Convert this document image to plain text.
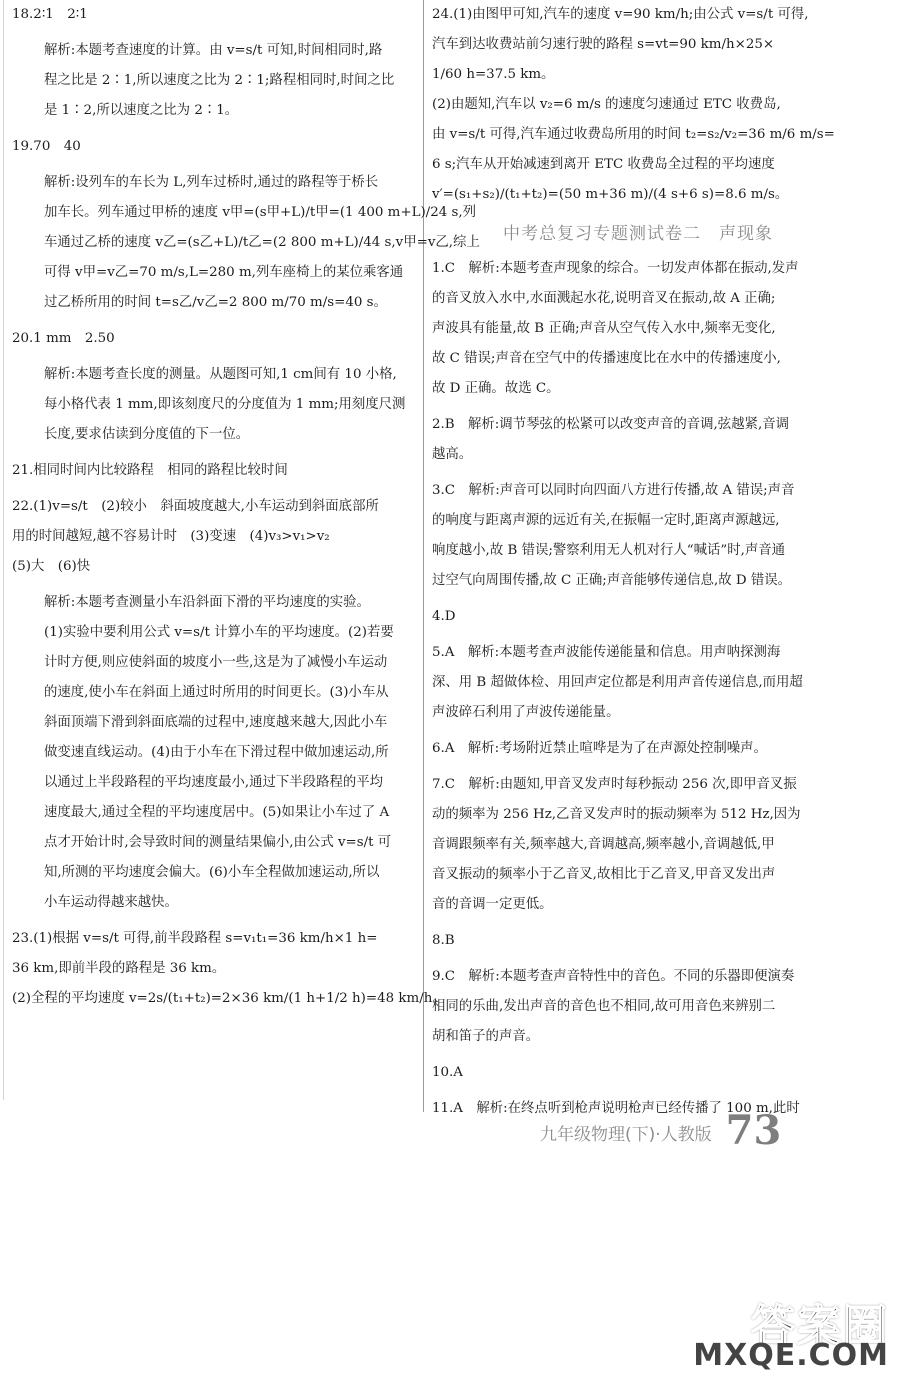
18.2∶1　2∶1
解析:本题考查速度的计算。由 v=s/t 可知,时间相同时,路
程之比是 2∶1,所以速度之比为 2∶1;路程相同时,时间之比
是 1∶2,所以速度之比为 2∶1。
19.70　40
解析:设列车的车长为 L,列车过桥时,通过的路程等于桥长
加车长。列车通过甲桥的速度 v甲=(s甲+L)/t甲=(1 400 m+L)/24 s,列
车通过乙桥的速度 v乙=(s乙+L)/t乙=(2 800 m+L)/44 s,v甲=v乙,综上
可得 v甲=v乙=70 m/s,L=280 m,列车座椅上的某位乘客通
过乙桥所用的时间 t=s乙/v乙=2 800 m/70 m/s=40 s。
20.1 mm　2.50
解析:本题考查长度的测量。从题图可知,1 cm间有 10 小格,
每小格代表 1 mm,即该刻度尺的分度值为 1 mm;用刻度尺测
长度,要求估读到分度值的下一位。
21.相同时间内比较路程　相同的路程比较时间
22.(1)v=s/t　(2)较小　斜面坡度越大,小车运动到斜面底部所
用的时间越短,越不容易计时　(3)变速　(4)v₃>v₁>v₂
(5)大　(6)快
解析:本题考查测量小车沿斜面下滑的平均速度的实验。
(1)实验中要利用公式 v=s/t 计算小车的平均速度。(2)若要
计时方便,则应使斜面的坡度小一些,这是为了减慢小车运动
的速度,使小车在斜面上通过时所用的时间更长。(3)小车从
斜面顶端下滑到斜面底端的过程中,速度越来越大,因此小车
做变速直线运动。(4)由于小车在下滑过程中做加速运动,所
以通过上半段路程的平均速度最小,通过下半段路程的平均
速度最大,通过全程的平均速度居中。(5)如果让小车过了 A
点才开始计时,会导致时间的测量结果偏小,由公式 v=s/t 可
知,所测的平均速度会偏大。(6)小车全程做加速运动,所以
小车运动得越来越快。
23.(1)根据 v=s/t 可得,前半段路程 s=v₁t₁=36 km/h×1 h=
36 km,即前半段的路程是 36 km。
(2)全程的平均速度 v=2s/(t₁+t₂)=2×36 km/(1 h+1/2 h)=48 km/h。
24.(1)由图甲可知,汽车的速度 v=90 km/h;由公式 v=s/t 可得,
汽车到达收费站前匀速行驶的路程 s=vt=90 km/h×25×
1/60 h=37.5 km。
(2)由题知,汽车以 v₂=6 m/s 的速度匀速通过 ETC 收费岛,
由 v=s/t 可得,汽车通过收费岛所用的时间 t₂=s₂/v₂=36 m/6 m/s=
6 s;汽车从开始减速到离开 ETC 收费岛全过程的平均速度
v′=(s₁+s₂)/(t₁+t₂)=(50 m+36 m)/(4 s+6 s)=8.6 m/s。
中考总复习专题测试卷二　声现象
1.C　解析:本题考查声现象的综合。一切发声体都在振动,发声
的音叉放入水中,水面溅起水花,说明音叉在振动,故 A 正确;
声波具有能量,故 B 正确;声音从空气传入水中,频率无变化,
故 C 错误;声音在空气中的传播速度比在水中的传播速度小,
故 D 正确。故选 C。
2.B　解析:调节琴弦的松紧可以改变声音的音调,弦越紧,音调
越高。
3.C　解析:声音可以同时向四面八方进行传播,故 A 错误;声音
的响度与距离声源的远近有关,在振幅一定时,距离声源越远,
响度越小,故 B 错误;警察利用无人机对行人“喊话”时,声音通
过空气向周围传播,故 C 正确;声音能够传递信息,故 D 错误。
4.D
5.A　解析:本题考查声波能传递能量和信息。用声呐探测海
深、用 B 超做体检、用回声定位都是利用声音传递信息,而用超
声波碎石利用了声波传递能量。
6.A　解析:考场附近禁止喧哗是为了在声源处控制噪声。
7.C　解析:由题知,甲音叉发声时每秒振动 256 次,即甲音叉振
动的频率为 256 Hz,乙音叉发声时的振动频率为 512 Hz,因为
音调跟频率有关,频率越大,音调越高,频率越小,音调越低,甲
音叉振动的频率小于乙音叉,故相比于乙音叉,甲音叉发出声
音的音调一定更低。
8.B
9.C　解析:本题考查声音特性中的音色。不同的乐器即便演奏
相同的乐曲,发出声音的音色也不相同,故可用音色来辨别二
胡和笛子的声音。
10.A
11.A　解析:在终点听到枪声说明枪声已经传播了 100 m,此时
九年级物理(下)·人教版 73
答案圈
MXQE.COM
